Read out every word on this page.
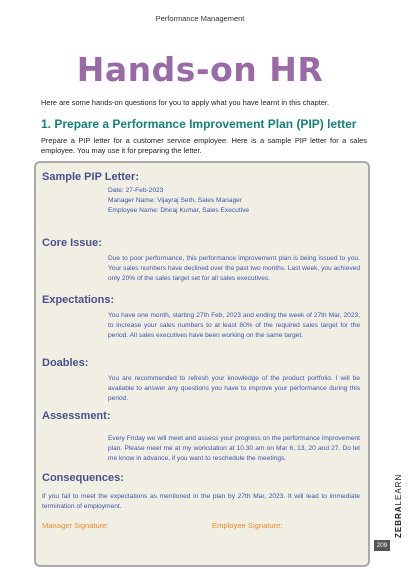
Performance Management
Hands-on HR
Here are some hands-on questions for you to apply what you have learnt in this chapter.
1. Prepare a Performance Improvement Plan (PIP) letter
Prepare a PIP letter for a customer service employee. Here is a sample PIP letter for a sales employee. You may use it for preparing the letter.
Sample PIP Letter:
Date: 27-Feb-2023
Manager Name: Vijayraj Seth, Sales Manager
Employee Name: Dhiraj Kumar, Sales Executive
Core Issue:
Due to poor performance, this performance improvement plan is being issued to you. Your sales numbers have declined over the past two months. Last week, you achieved only 20% of the sales target set for all sales executives.
Expectations:
You have one month, starting 27th Feb, 2023 and ending the week of 27th Mar, 2023, to increase your sales numbers to at least 80% of the required sales target for the period. All sales executives have been working on the same target.
Doables:
You are recommended to refresh your knowledge of the product portfolio. I will be available to answer any questions you have to improve your performance during this period.
Assessment:
Every Friday we will meet and assess your progress on the performance improvement plan. Please meet me at my workstation at 10.30 am on Mar 6, 13, 20 and 27. Do let me know in advance, if you want to reschedule the meetings.
Consequences:
If you fail to meet the expectations as mentioned in the plan by 27th Mar, 2023. It will lead to immediate termination of employment.
Manager Signature:	Employee Signature:	ZEBRALEARN
209
